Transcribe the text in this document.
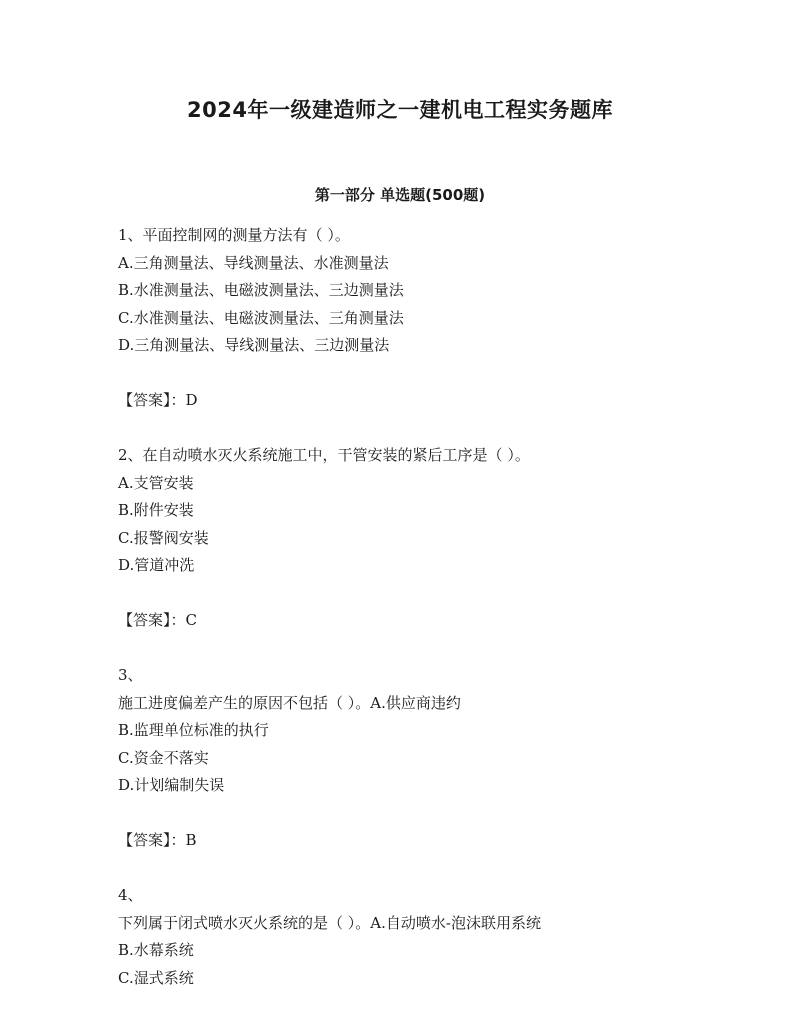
2024年一级建造师之一建机电工程实务题库
第一部分 单选题(500题)
1、平面控制网的测量方法有（ ）。
A.三角测量法、导线测量法、水准测量法
B.水准测量法、电磁波测量法、三边测量法
C.水准测量法、电磁波测量法、三角测量法
D.三角测量法、导线测量法、三边测量法
【答案】：D
2、在自动喷水灭火系统施工中，干管安装的紧后工序是（ ）。
A.支管安装
B.附件安装
C.报警阀安装
D.管道冲洗
【答案】：C
3、
施工进度偏差产生的原因不包括（ ）。A.供应商违约
B.监理单位标准的执行
C.资金不落实
D.计划编制失误
【答案】：B
4、
下列属于闭式喷水灭火系统的是（ ）。A.自动喷水-泡沫联用系统
B.水幕系统
C.湿式系统
